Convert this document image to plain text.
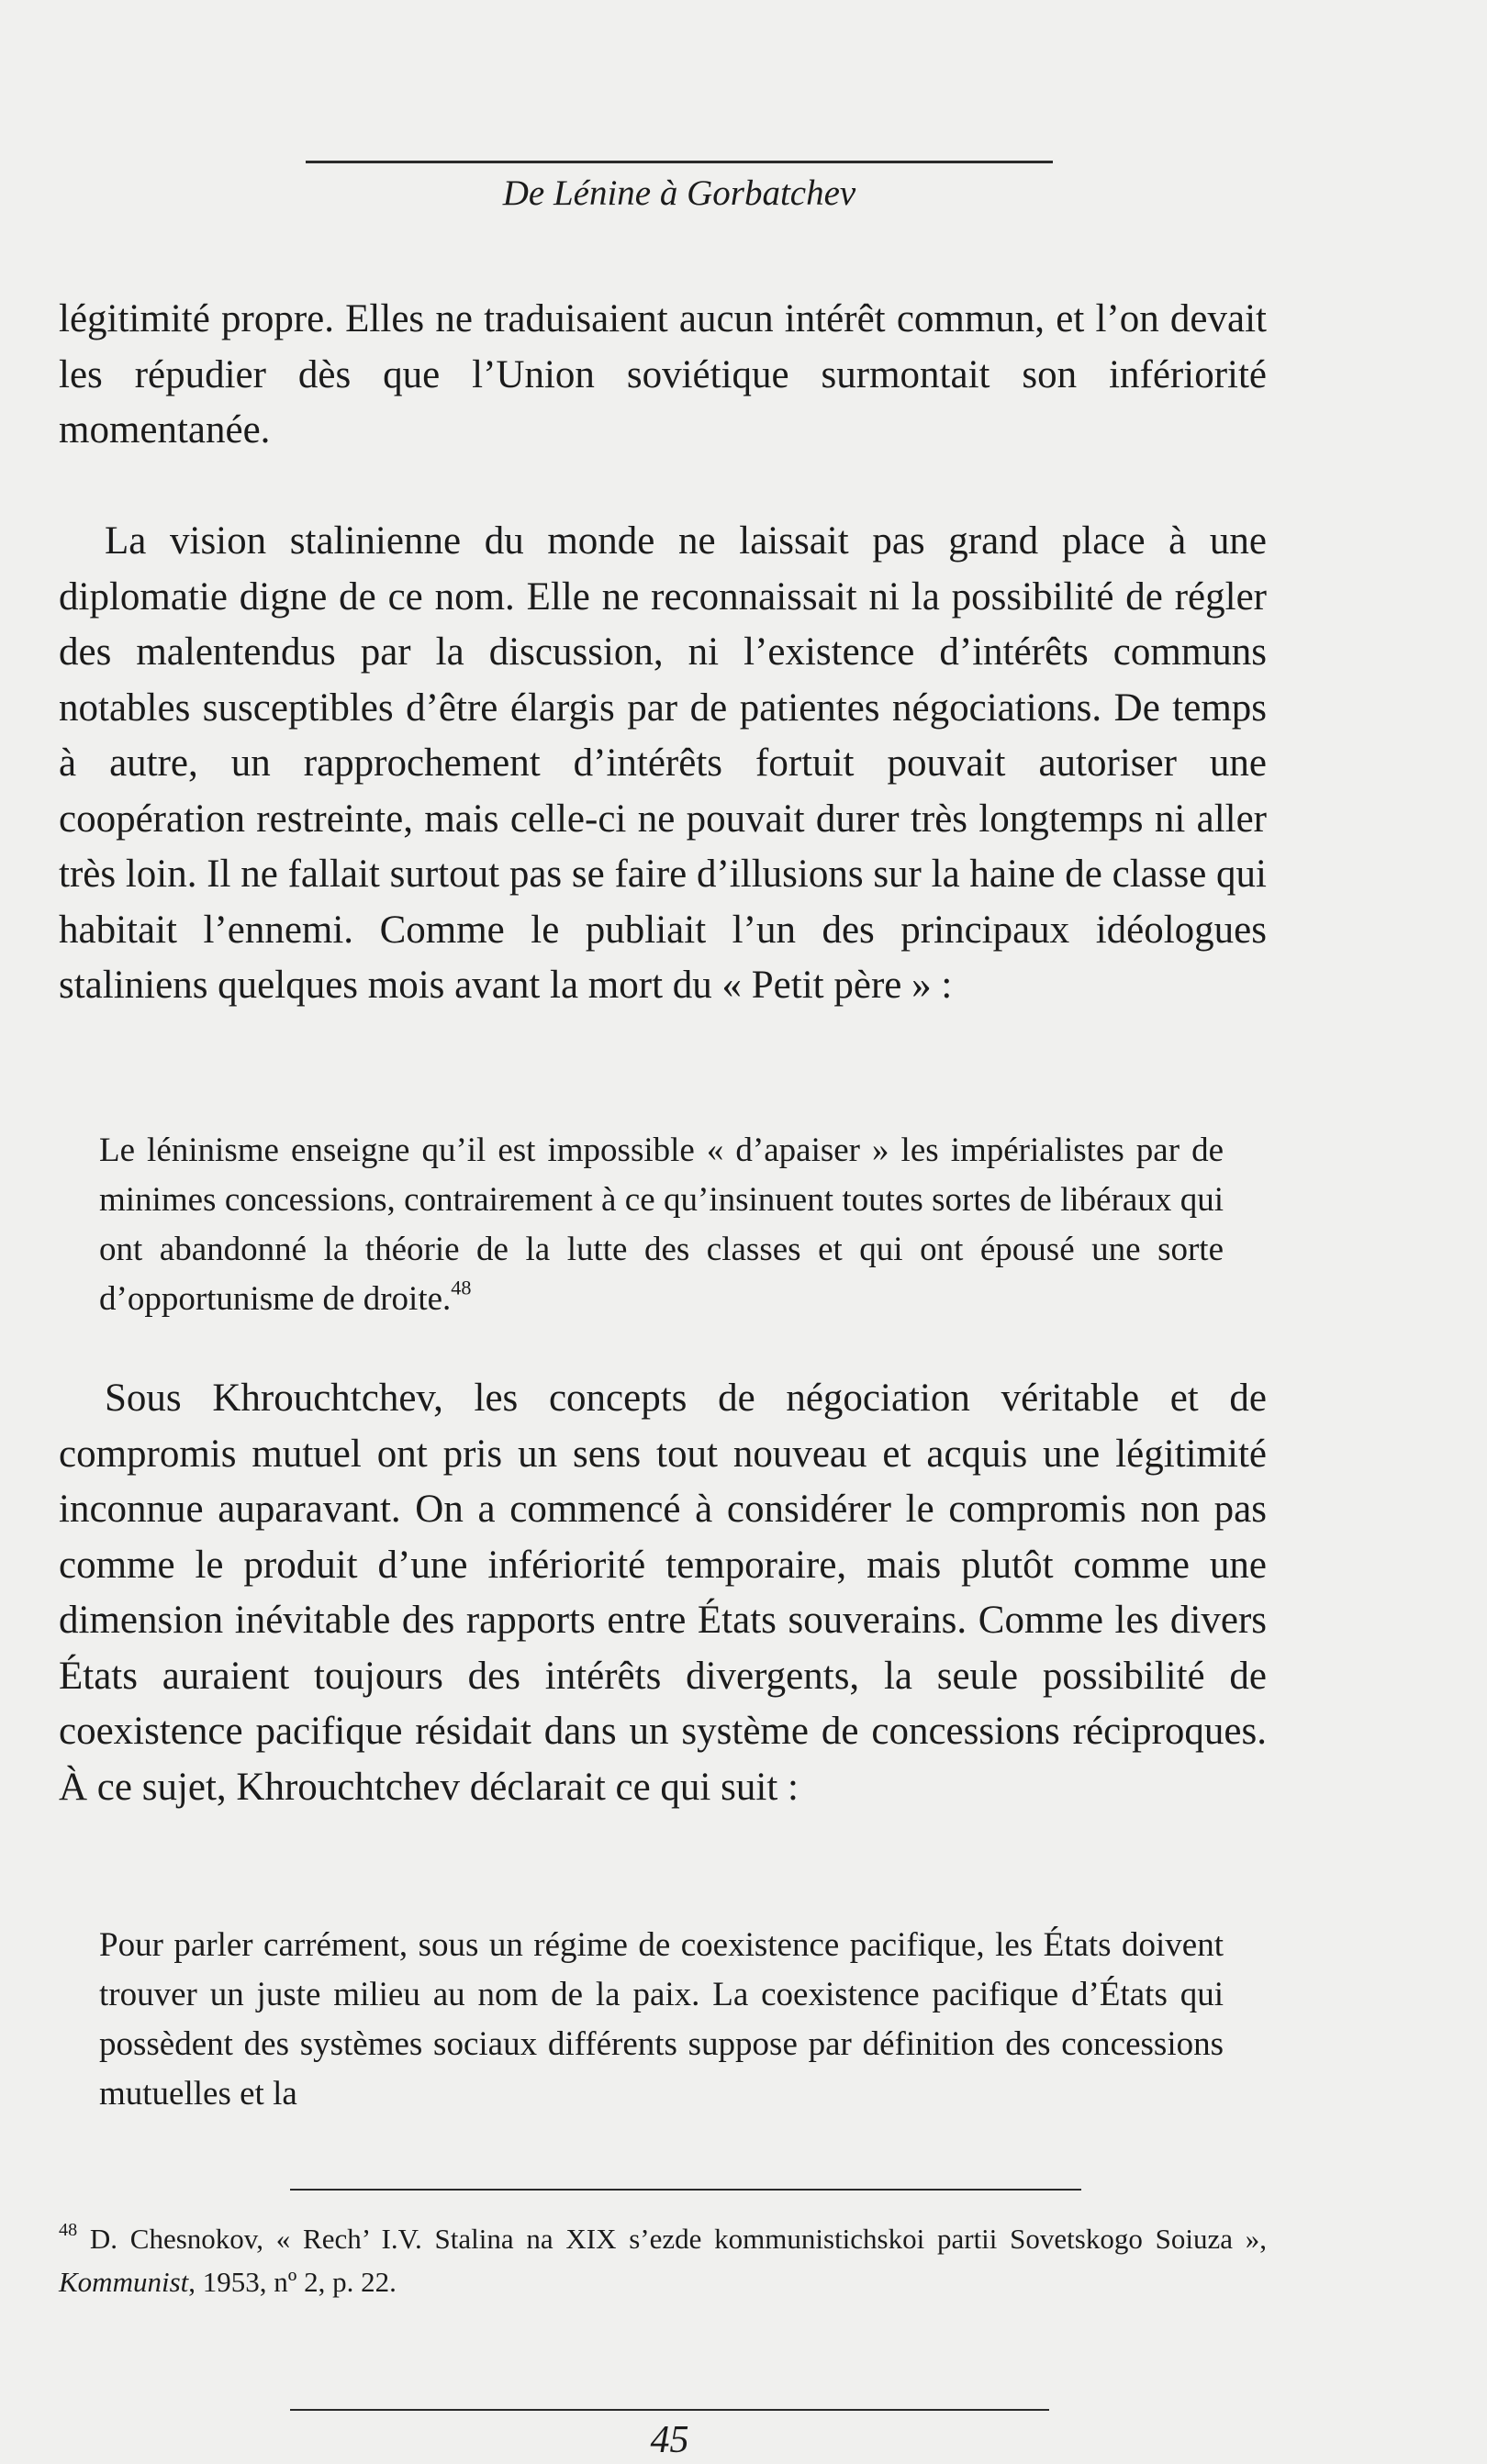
De Lénine à Gorbatchev

légitimité propre. Elles ne traduisaient aucun intérêt commun, et l’on devait les répudier dès que l’Union soviétique surmontait son infériorité momentanée.

La vision stalinienne du monde ne laissait pas grand place à une diplomatie digne de ce nom. Elle ne reconnaissait ni la possibilité de régler des malentendus par la discussion, ni l’existence d’intérêts communs notables susceptibles d’être élargis par de patientes négociations. De temps à autre, un rapprochement d’intérêts fortuit pouvait autoriser une coopération restreinte, mais celle-ci ne pouvait durer très longtemps ni aller très loin. Il ne fallait surtout pas se faire d’illusions sur la haine de classe qui habitait l’ennemi. Comme le publiait l’un des principaux idéologues staliniens quelques mois avant la mort du « Petit père » :

Le léninisme enseigne qu’il est impossible « d’apaiser » les impérialistes par de minimes concessions, contrairement à ce qu’insinuent toutes sortes de libéraux qui ont abandonné la théorie de la lutte des classes et qui ont épousé une sorte d’opportunisme de droite.$^{48}$

Sous Khrouchtchev, les concepts de négociation véritable et de compromis mutuel ont pris un sens tout nouveau et acquis une légitimité inconnue auparavant. On a commencé à considérer le compromis non pas comme le produit d’une infériorité temporaire, mais plutôt comme une dimension inévitable des rapports entre États souverains. Comme les divers États auraient toujours des intérêts divergents, la seule possibilité de coexistence pacifique résidait dans un système de concessions réciproques. À ce sujet, Khrouchtchev déclarait ce qui suit :

Pour parler carrément, sous un régime de coexistence pacifique, les États doivent trouver un juste milieu au nom de la paix. La coexistence pacifique d’États qui possèdent des systèmes sociaux différents suppose par définition des concessions mutuelles et la

$^{48}$ D. Chesnokov, « Rech’ I.V. Stalina na XIX s’ezde kommunistichskoi partii Sovetskogo Soiuza », Kommunist, 1953, nº 2, p. 22.

45
